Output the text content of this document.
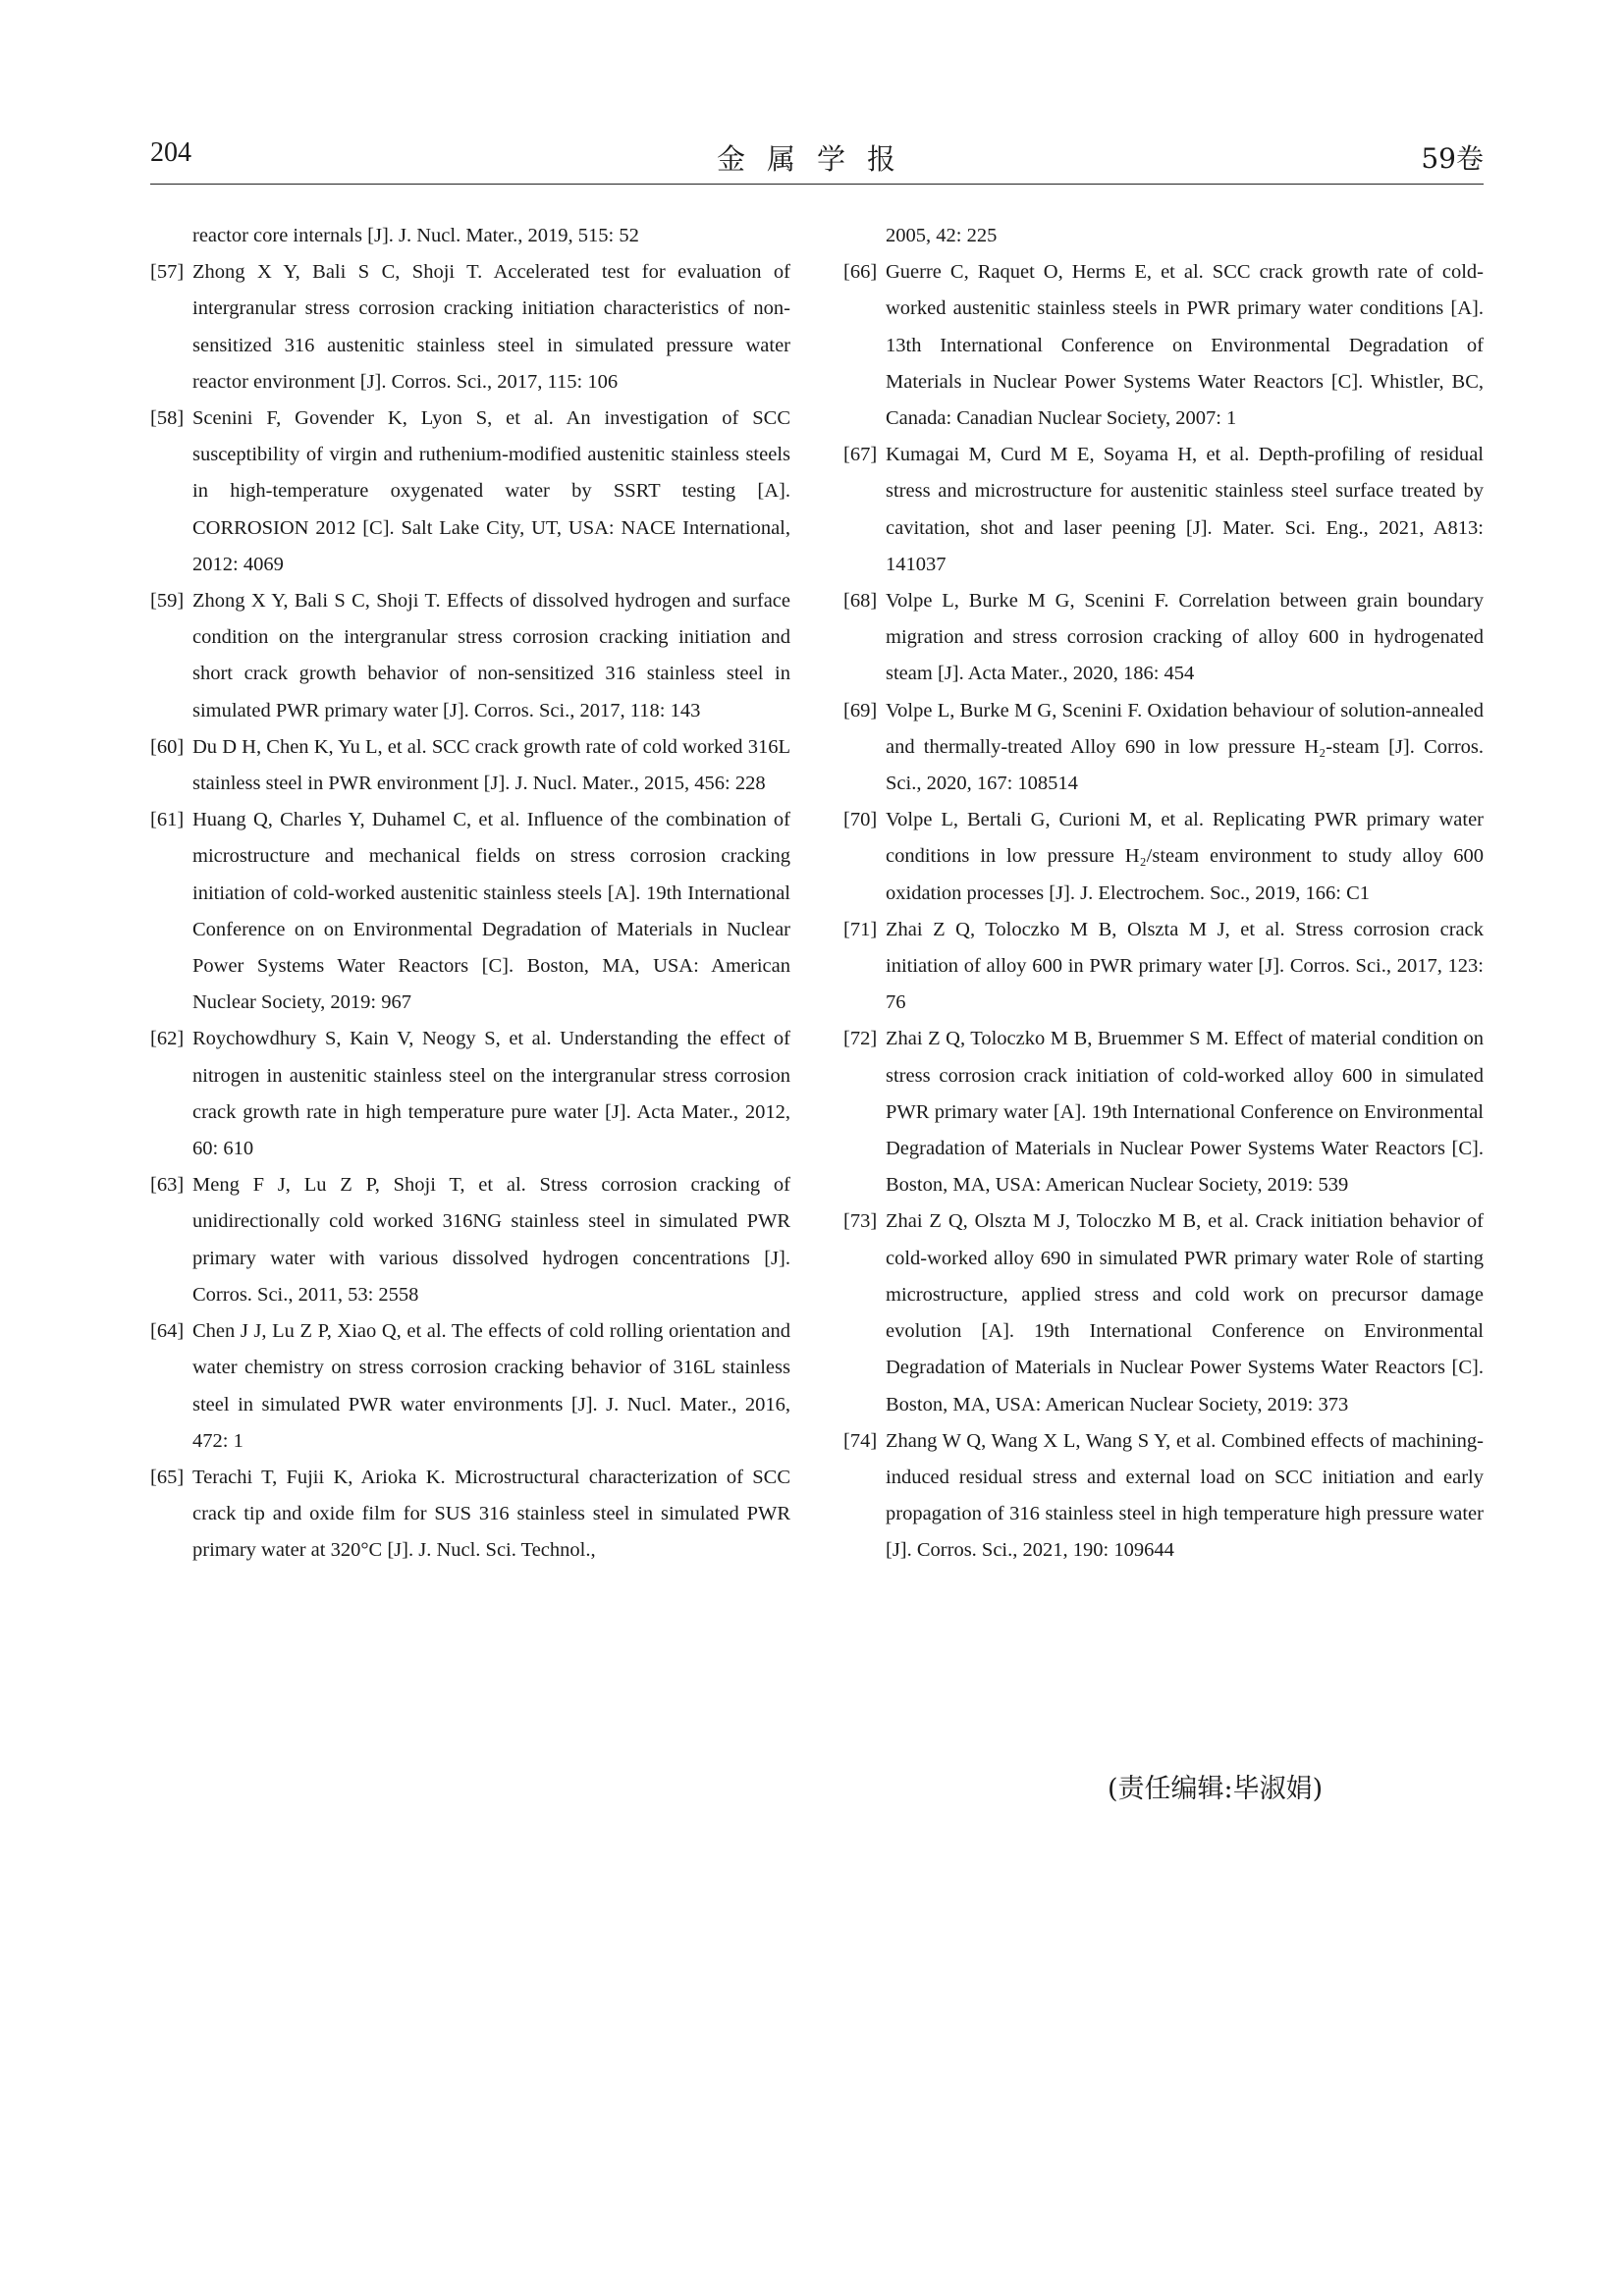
204	金属学报	59卷

reactor core internals [J]. J. Nucl. Mater., 2019, 515: 52

[57] Zhong X Y, Bali S C, Shoji T. Accelerated test for evaluation of intergranular stress corrosion cracking initiation characteristics of non-sensitized 316 austenitic stainless steel in simulated pressure water reactor environment [J]. Corros. Sci., 2017, 115: 106

[58] Scenini F, Govender K, Lyon S, et al. An investigation of SCC susceptibility of virgin and ruthenium-modified austenitic stainless steels in high-temperature oxygenated water by SSRT testing [A]. CORROSION 2012 [C]. Salt Lake City, UT, USA: NACE International, 2012: 4069

[59] Zhong X Y, Bali S C, Shoji T. Effects of dissolved hydrogen and surface condition on the intergranular stress corrosion cracking initiation and short crack growth behavior of non-sensitized 316 stainless steel in simulated PWR primary water [J]. Corros. Sci., 2017, 118: 143

[60] Du D H, Chen K, Yu L, et al. SCC crack growth rate of cold worked 316L stainless steel in PWR environment [J]. J. Nucl. Mater., 2015, 456: 228

[61] Huang Q, Charles Y, Duhamel C, et al. Influence of the combination of microstructure and mechanical fields on stress corrosion cracking initiation of cold-worked austenitic stainless steels [A]. 19th International Conference on on Environmental Degradation of Materials in Nuclear Power Systems Water Reactors [C]. Boston, MA, USA: American Nuclear Society, 2019: 967

[62] Roychowdhury S, Kain V, Neogy S, et al. Understanding the effect of nitrogen in austenitic stainless steel on the intergranular stress corrosion crack growth rate in high temperature pure water [J]. Acta Mater., 2012, 60: 610

[63] Meng F J, Lu Z P, Shoji T, et al. Stress corrosion cracking of unidirectionally cold worked 316NG stainless steel in simulated PWR primary water with various dissolved hydrogen concentrations [J]. Corros. Sci., 2011, 53: 2558

[64] Chen J J, Lu Z P, Xiao Q, et al. The effects of cold rolling orientation and water chemistry on stress corrosion cracking behavior of 316L stainless steel in simulated PWR water environments [J]. J. Nucl. Mater., 2016, 472: 1

[65] Terachi T, Fujii K, Arioka K. Microstructural characterization of SCC crack tip and oxide film for SUS 316 stainless steel in simulated PWR primary water at 320°C [J]. J. Nucl. Sci. Technol.,

2005, 42: 225

[66] Guerre C, Raquet O, Herms E, et al. SCC crack growth rate of cold-worked austenitic stainless steels in PWR primary water conditions [A]. 13th International Conference on Environmental Degradation of Materials in Nuclear Power Systems Water Reactors [C]. Whistler, BC, Canada: Canadian Nuclear Society, 2007: 1

[67] Kumagai M, Curd M E, Soyama H, et al. Depth-profiling of residual stress and microstructure for austenitic stainless steel surface treated by cavitation, shot and laser peening [J]. Mater. Sci. Eng., 2021, A813: 141037

[68] Volpe L, Burke M G, Scenini F. Correlation between grain boundary migration and stress corrosion cracking of alloy 600 in hydrogenated steam [J]. Acta Mater., 2020, 186: 454

[69] Volpe L, Burke M G, Scenini F. Oxidation behaviour of solution-annealed and thermally-treated Alloy 690 in low pressure H₂-steam [J]. Corros. Sci., 2020, 167: 108514

[70] Volpe L, Bertali G, Curioni M, et al. Replicating PWR primary water conditions in low pressure H₂/steam environment to study alloy 600 oxidation processes [J]. J. Electrochem. Soc., 2019, 166: C1

[71] Zhai Z Q, Toloczko M B, Olszta M J, et al. Stress corrosion crack initiation of alloy 600 in PWR primary water [J]. Corros. Sci., 2017, 123: 76

[72] Zhai Z Q, Toloczko M B, Bruemmer S M. Effect of material condition on stress corrosion crack initiation of cold-worked alloy 600 in simulated PWR primary water [A]. 19th International Conference on Environmental Degradation of Materials in Nuclear Power Systems Water Reactors [C]. Boston, MA, USA: American Nuclear Society, 2019: 539

[73] Zhai Z Q, Olszta M J, Toloczko M B, et al. Crack initiation behavior of cold-worked alloy 690 in simulated PWR primary water Role of starting microstructure, applied stress and cold work on precursor damage evolution [A]. 19th International Conference on Environmental Degradation of Materials in Nuclear Power Systems Water Reactors [C]. Boston, MA, USA: American Nuclear Society, 2019: 373

[74] Zhang W Q, Wang X L, Wang S Y, et al. Combined effects of machining-induced residual stress and external load on SCC initiation and early propagation of 316 stainless steel in high temperature high pressure water [J]. Corros. Sci., 2021, 190: 109644

(责任编辑:毕淑娟)
